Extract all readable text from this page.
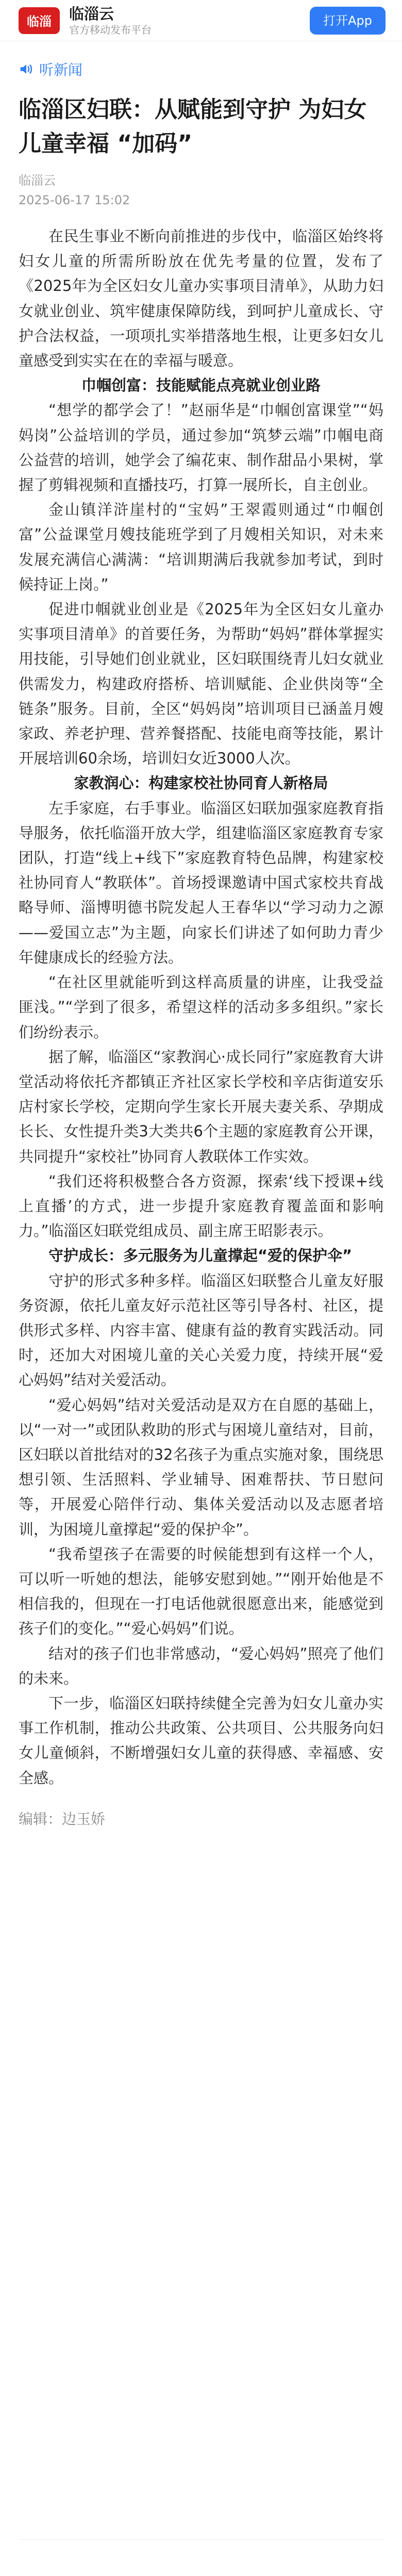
临淄	临淄云
官方移动发布平台
打开App
听新闻
临淄区妇联：从赋能到守护 为妇女儿童幸福 “加码”
临淄云
2025-06-17 15:02

在民生事业不断向前推进的步伐中，临淄区始终将妇女儿童的所需所盼放在优先考量的位置，发布了《2025年为全区妇女儿童办实事项目清单》，从助力妇女就业创业、筑牢健康保障防线，到呵护儿童成长、守护合法权益，一项项扎实举措落地生根，让更多妇女儿童感受到实实在在的幸福与暖意。

巾帼创富：技能赋能点亮就业创业路

“想学的都学会了！”赵丽华是“巾帼创富课堂”“妈妈岗”公益培训的学员，通过参加“筑梦云端”巾帼电商公益营的培训，她学会了编花束、制作甜品小果树，掌握了剪辑视频和直播技巧，打算一展所长，自主创业。

金山镇洋浒崖村的“宝妈”王翠霞则通过“巾帼创富”公益课堂月嫂技能班学到了月嫂相关知识，对未来发展充满信心满满：“培训期满后我就参加考试，到时候持证上岗。”

促进巾帼就业创业是《2025年为全区妇女儿童办实事项目清单》的首要任务，为帮助“妈妈”群体掌握实用技能，引导她们创业就业，区妇联围绕青儿妇女就业供需发力，构建政府搭桥、培训赋能、企业供岗等“全链条”服务。目前，全区“妈妈岗”培训项目已涵盖月嫂家政、养老护理、营养餐搭配、技能电商等技能，累计开展培训60余场，培训妇女近3000人次。

家教润心：构建家校社协同育人新格局

左手家庭，右手事业。临淄区妇联加强家庭教育指导服务，依托临淄开放大学，组建临淄区家庭教育专家团队，打造“线上+线下”家庭教育特色品牌，构建家校社协同育人“教联体”。首场授课邀请中国式家校共育战略导师、淄博明德书院发起人王春华以“学习动力之源——爱国立志”为主题，向家长们讲述了如何助力青少年健康成长的经验方法。

“在社区里就能听到这样高质量的讲座，让我受益匪浅。”“学到了很多，希望这样的活动多多组织。”家长们纷纷表示。

据了解，临淄区“家教润心·成长同行”家庭教育大讲堂活动将依托齐都镇正齐社区家长学校和辛店街道安乐店村家长学校，定期向学生家长开展夫妻关系、孕期成长长、女性提升类3大类共6个主题的家庭教育公开课，共同提升“家校社”协同育人教联体工作实效。

“我们还将积极整合各方资源，探索‘线下授课+线上直播’的方式，进一步提升家庭教育覆盖面和影响力。”临淄区妇联党组成员、副主席王昭影表示。

守护成长：多元服务为儿童撑起“爱的保护伞”

守护的形式多种多样。临淄区妇联整合儿童友好服务资源，依托儿童友好示范社区等引导各村、社区，提供形式多样、内容丰富、健康有益的教育实践活动。同时，还加大对困境儿童的关心关爱力度，持续开展“爱心妈妈”结对关爱活动。

“爱心妈妈”结对关爱活动是双方在自愿的基础上，以“一对一”或团队救助的形式与困境儿童结对，目前，区妇联以首批结对的32名孩子为重点实施对象，围绕思想引领、生活照料、学业辅导、困难帮扶、节日慰问等，开展爱心陪伴行动、集体关爱活动以及志愿者培训，为困境儿童撑起“爱的保护伞”。

“我希望孩子在需要的时候能想到有这样一个人，可以听一听她的想法，能够安慰到她。”“刚开始他是不相信我的，但现在一打电话他就很愿意出来，能感觉到孩子们的变化。”“爱心妈妈”们说。

结对的孩子们也非常感动，“爱心妈妈”照亮了他们的未来。

下一步，临淄区妇联持续健全完善为妇女儿童办实事工作机制，推动公共政策、公共项目、公共服务向妇女儿童倾斜，不断增强妇女儿童的获得感、幸福感、安全感。

编辑：边玉娇
